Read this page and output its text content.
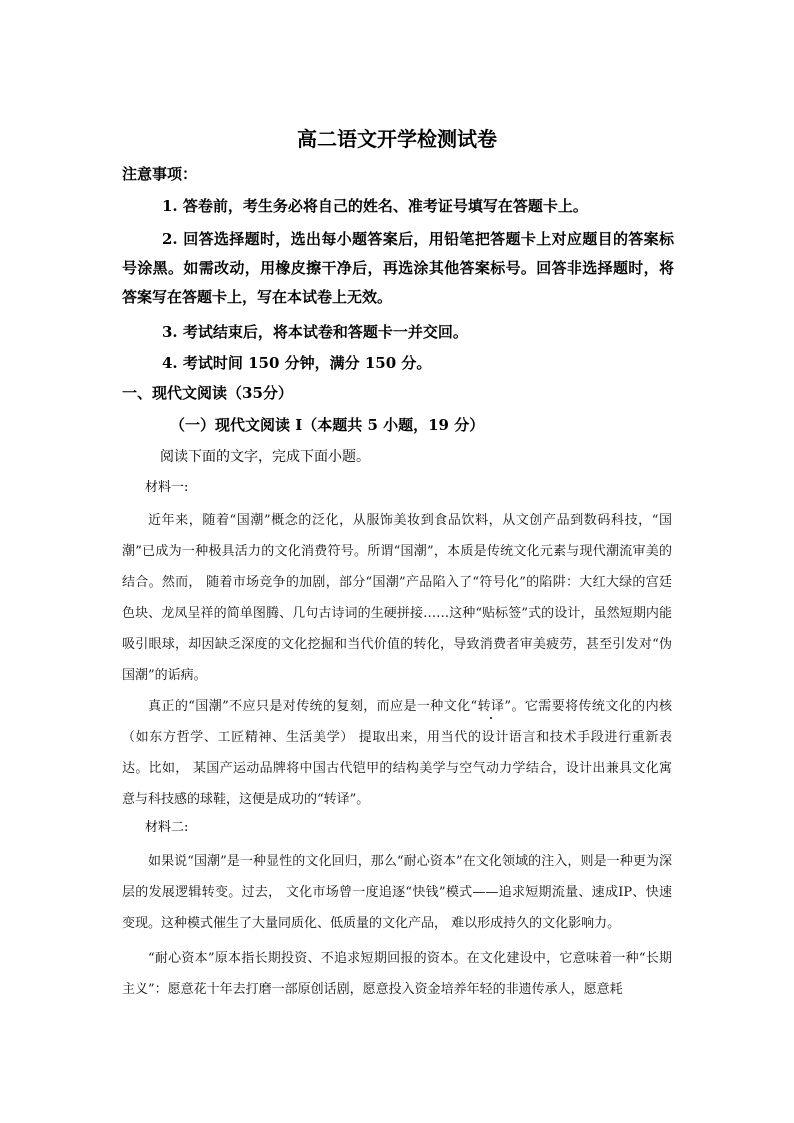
高二语文开学检测试卷
注意事项：

1. 答卷前，考生务必将自己的姓名、准考证号填写在答题卡上。

2. 回答选择题时，选出每小题答案后，用铅笔把答题卡上对应题目的答案标号涂黑。如需改动，用橡皮擦干净后，再选涂其他答案标号。回答非选择题时，将答案写在答题卡上，写在本试卷上无效。

3. 考试结束后，将本试卷和答题卡一并交回。

4. 考试时间 150 分钟，满分 150 分。

一、现代文阅读（35分）
（一）现代文阅读 I（本题共 5 小题，19 分）
阅读下面的文字，完成下面小题。
材料一:

近年来，随着“国潮”概念的泛化，从服饰美妆到食品饮料，从文创产品到数码科技，“国潮”已成为一种极具活力的文化消费符号。所谓“国潮”，本质是传统文化元素与现代潮流审美的结合。然而， 随着市场竞争的加剧，部分“国潮”产品陷入了“符号化”的陷阱：大红大绿的宫廷色块、龙凤呈祥的简单图腾、几句古诗词的生硬拼接……这种“贴标签”式的设计，虽然短期内能吸引眼球，却因缺乏深度的文化挖掘和当代价值的转化，导致消费者审美疲劳，甚至引发对“伪国潮”的诟病。

真正的“国潮”不应只是对传统的复刻，而应是一种文化“转译”。它需要将传统文化的内核（如东方哲学、工匠精神、生活美学） 提取出来，用当代的设计语言和技术手段进行重新表达。比如， 某国产运动品牌将中国古代铠甲的结构美学与空气动力学结合，设计出兼具文化寓意与科技感的球鞋，这便是成功的“转译”。

材料二:

如果说“国潮”是一种显性的文化回归，那么“耐心资本”在文化领域的注入，则是一种更为深层的发展逻辑转变。过去， 文化市场曾一度追逐“快钱”模式——追求短期流量、速成IP、快速变现。这种模式催生了大量同质化、低质量的文化产品， 难以形成持久的文化影响力。

“耐心资本”原本指长期投资、不追求短期回报的资本。在文化建设中，它意味着一种“长期主义”：愿意花十年去打磨一部原创话剧，愿意投入资金培养年轻的非遗传承人，愿意耗
